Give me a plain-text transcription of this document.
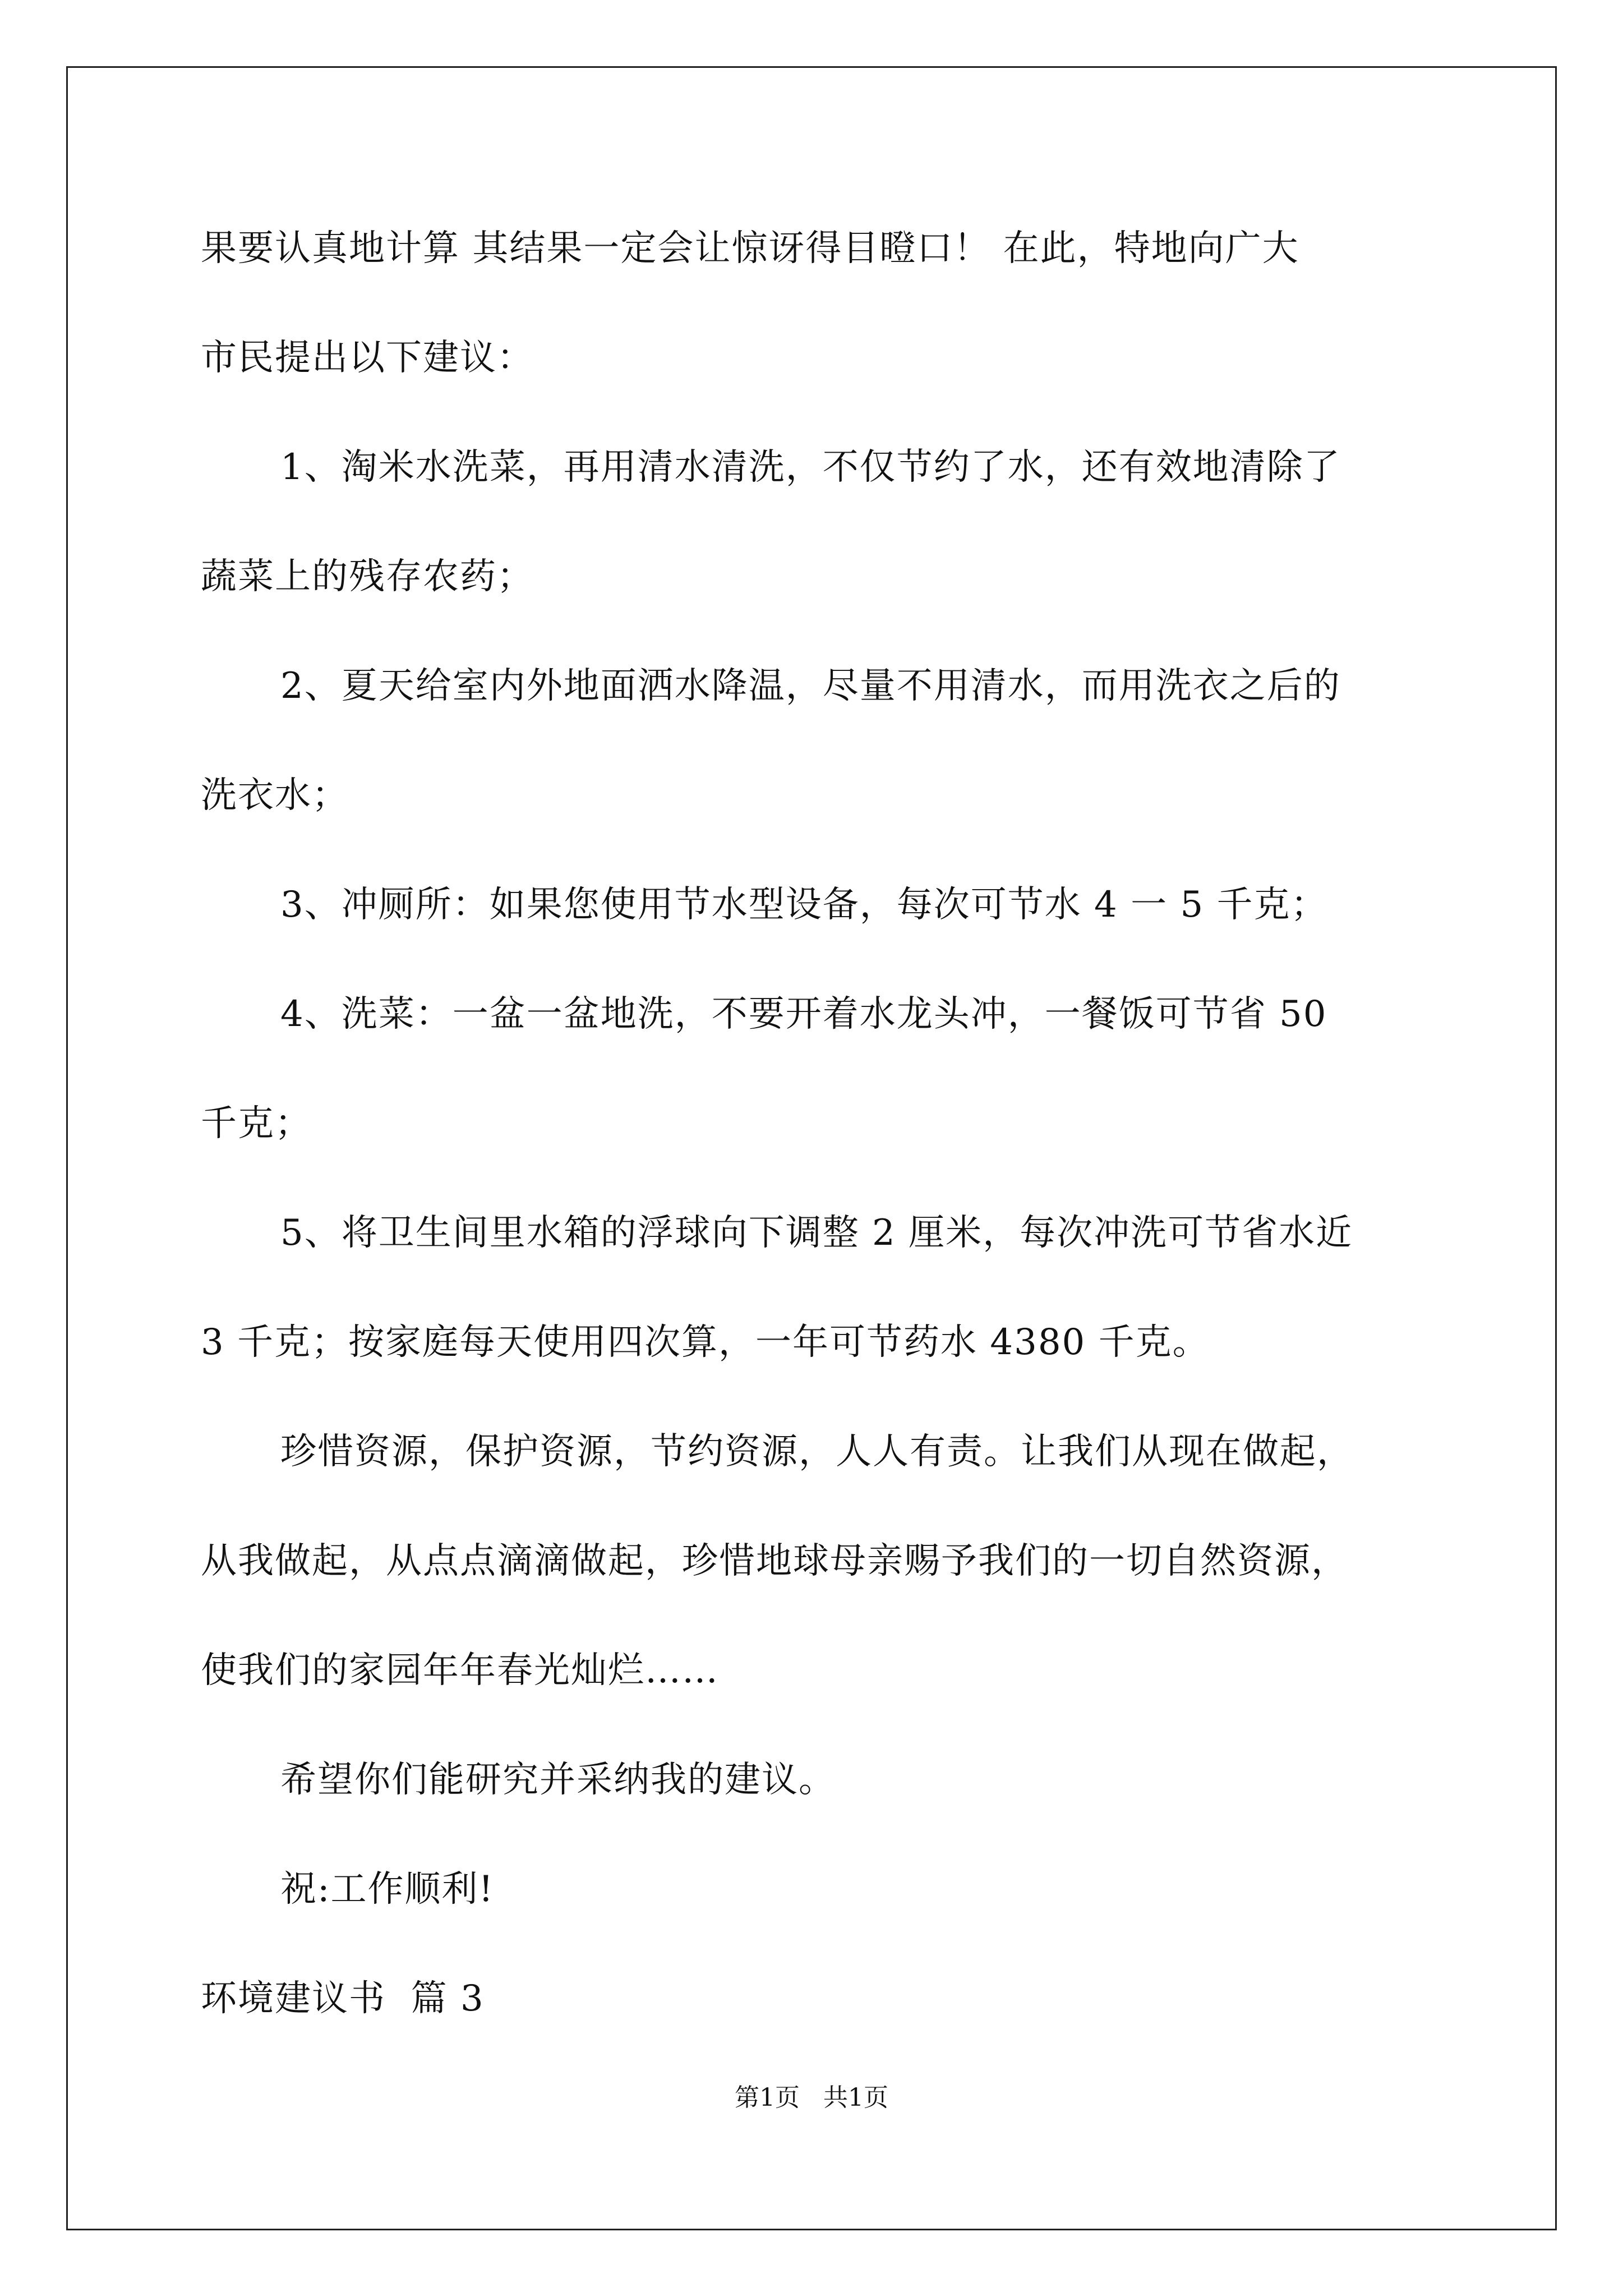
果要认真地计算 其结果一定会让惊讶得目瞪口！ 在此，特地向广大

市民提出以下建议：

1、淘米水洗菜，再用清水清洗，不仅节约了水，还有效地清除了

蔬菜上的残存农药；

2、夏天给室内外地面洒水降温，尽量不用清水，而用洗衣之后的

洗衣水；

3、冲厕所：如果您使用节水型设备，每次可节水 4 一 5 千克；

4、洗菜：一盆一盆地洗，不要开着水龙头冲，一餐饭可节省 50

千克；

5、将卫生间里水箱的浮球向下调整 2 厘米，每次冲洗可节省水近

3 千克；按家庭每天使用四次算，一年可节药水 4380 千克。

珍惜资源，保护资源，节约资源，人人有责。让我们从现在做起，

从我做起，从点点滴滴做起，珍惜地球母亲赐予我们的一切自然资源，

使我们的家园年年春光灿烂……

希望你们能研究并采纳我的建议。

祝:工作顺利!

环境建议书  篇 3

第1页   共1页
